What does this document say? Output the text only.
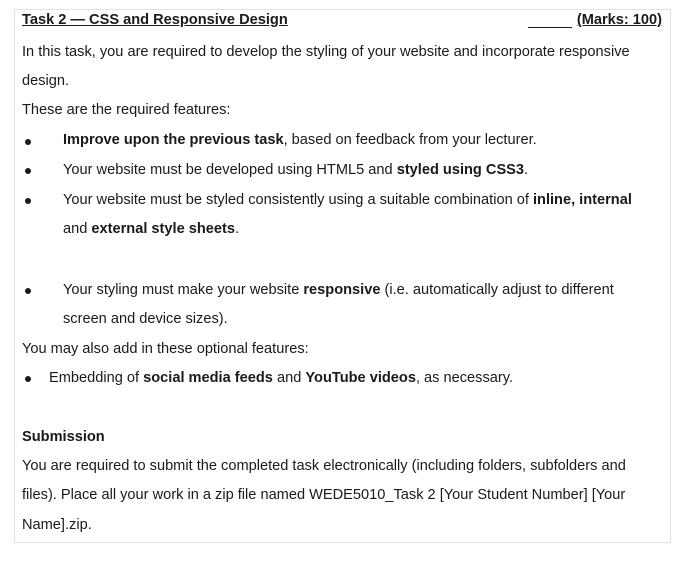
Task 2 — CSS and Responsive Design	(Marks: 100)
In this task, you are required to develop the styling of your website and incorporate responsive
design.
These are the required features:
Improve upon the previous task, based on feedback from your lecturer.
Your website must be developed using HTML5 and styled using CSS3.
Your website must be styled consistently using a suitable combination of inline, internal
and external style sheets.
Your styling must make your website responsive (i.e. automatically adjust to different
screen and device sizes).
You may also add in these optional features:
Embedding of social media feeds and YouTube videos, as necessary.
Submission
You are required to submit the completed task electronically (including folders, subfolders and
files). Place all your work in a zip file named WEDE5010_Task 2 [Your Student Number] [Your
Name].zip.
